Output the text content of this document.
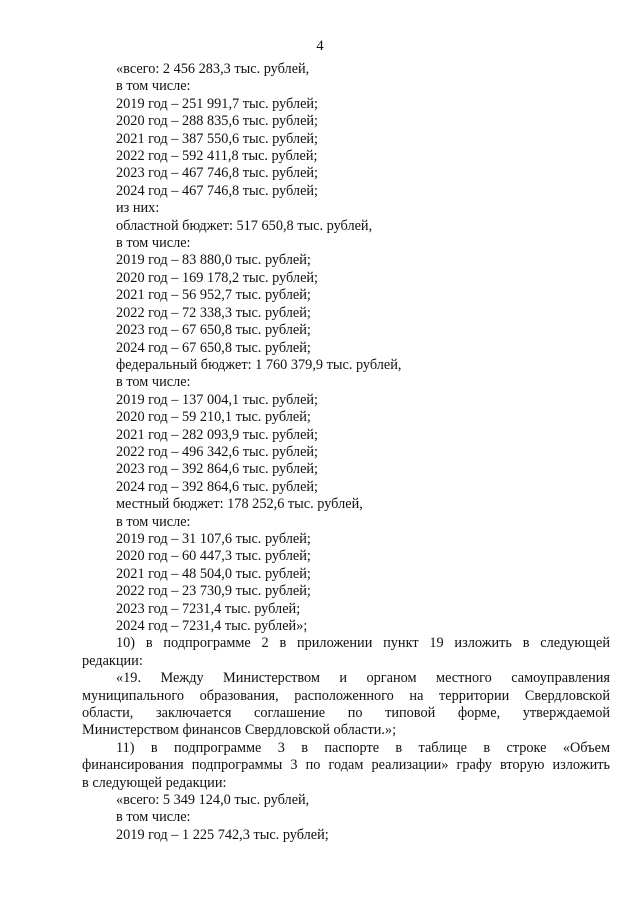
4
«всего: 2 456 283,3 тыс. рублей,
в том числе:
2019 год – 251 991,7 тыс. рублей;
2020 год – 288 835,6 тыс. рублей;
2021 год – 387 550,6 тыс. рублей;
2022 год – 592 411,8 тыс. рублей;
2023 год – 467 746,8 тыс. рублей;
2024 год – 467 746,8 тыс. рублей;
из них:
областной бюджет: 517 650,8 тыс. рублей,
в том числе:
2019 год – 83 880,0 тыс. рублей;
2020 год – 169 178,2 тыс. рублей;
2021 год – 56 952,7 тыс. рублей;
2022 год – 72 338,3 тыс. рублей;
2023 год – 67 650,8 тыс. рублей;
2024 год – 67 650,8 тыс. рублей;
федеральный бюджет: 1 760 379,9 тыс. рублей,
в том числе:
2019 год – 137 004,1 тыс. рублей;
2020 год – 59 210,1 тыс. рублей;
2021 год – 282 093,9 тыс. рублей;
2022 год – 496 342,6 тыс. рублей;
2023 год – 392 864,6 тыс. рублей;
2024 год – 392 864,6 тыс. рублей;
местный бюджет: 178 252,6 тыс. рублей,
в том числе:
2019 год – 31 107,6 тыс. рублей;
2020 год – 60 447,3 тыс. рублей;
2021 год – 48 504,0 тыс. рублей;
2022 год – 23 730,9 тыс. рублей;
2023 год – 7231,4 тыс. рублей;
2024 год – 7231,4 тыс. рублей»;
10) в подпрограмме 2 в приложении пункт 19 изложить в следующей
редакции:
«19. Между Министерством и органом местного самоуправления
муниципального образования, расположенного на территории Свердловской
области, заключается соглашение по типовой форме, утверждаемой
Министерством финансов Свердловской области.»;
11) в подпрограмме 3 в паспорте в таблице в строке «Объем
финансирования подпрограммы 3 по годам реализации» графу вторую изложить
в следующей редакции:
«всего: 5 349 124,0 тыс. рублей,
в том числе:
2019 год – 1 225 742,3 тыс. рублей;
